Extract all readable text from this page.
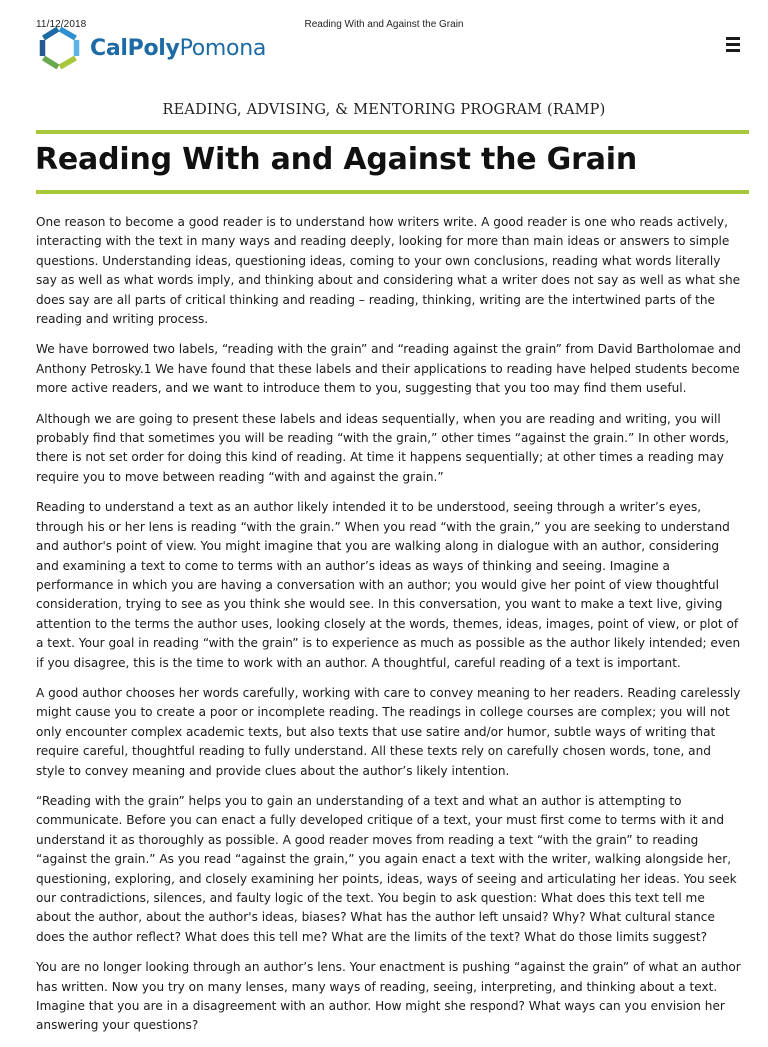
11/12/2018	Reading With and Against the Grain
CalPolyPomona
READING, ADVISING, & MENTORING PROGRAM (RAMP)
Reading With and Against the Grain

One reason to become a good reader is to understand how writers write. A good reader is one who reads actively, interacting with the text in many ways and reading deeply, looking for more than main ideas or answers to simple questions. Understanding ideas, questioning ideas, coming to your own conclusions, reading what words literally say as well as what words imply, and thinking about and considering what a writer does not say as well as what she does say are all parts of critical thinking and reading – reading, thinking, writing are the intertwined parts of the reading and writing process.

We have borrowed two labels, “reading with the grain” and “reading against the grain” from David Bartholomae and Anthony Petrosky.1 We have found that these labels and their applications to reading have helped students become more active readers, and we want to introduce them to you, suggesting that you too may find them useful.

Although we are going to present these labels and ideas sequentially, when you are reading and writing, you will probably find that sometimes you will be reading “with the grain,” other times “against the grain.” In other words, there is not set order for doing this kind of reading. At time it happens sequentially; at other times a reading may require you to move between reading “with and against the grain.”

Reading to understand a text as an author likely intended it to be understood, seeing through a writer’s eyes, through his or her lens is reading “with the grain.” When you read “with the grain,” you are seeking to understand and author's point of view. You might imagine that you are walking along in dialogue with an author, considering and examining a text to come to terms with an author’s ideas as ways of thinking and seeing. Imagine a performance in which you are having a conversation with an author; you would give her point of view thoughtful consideration, trying to see as you think she would see. In this conversation, you want to make a text live, giving attention to the terms the author uses, looking closely at the words, themes, ideas, images, point of view, or plot of a text. Your goal in reading “with the grain” is to experience as much as possible as the author likely intended; even if you disagree, this is the time to work with an author. A thoughtful, careful reading of a text is important.

A good author chooses her words carefully, working with care to convey meaning to her readers. Reading carelessly might cause you to create a poor or incomplete reading. The readings in college courses are complex; you will not only encounter complex academic texts, but also texts that use satire and/or humor, subtle ways of writing that require careful, thoughtful reading to fully understand. All these texts rely on carefully chosen words, tone, and style to convey meaning and provide clues about the author’s likely intention.

“Reading with the grain” helps you to gain an understanding of a text and what an author is attempting to communicate. Before you can enact a fully developed critique of a text, your must first come to terms with it and understand it as thoroughly as possible. A good reader moves from reading a text “with the grain” to reading “against the grain.” As you read “against the grain,” you again enact a text with the writer, walking alongside her, questioning, exploring, and closely examining her points, ideas, ways of seeing and articulating her ideas. You seek our contradictions, silences, and faulty logic of the text. You begin to ask question: What does this text tell me about the author, about the author's ideas, biases? What has the author left unsaid? Why? What cultural stance does the author reflect? What does this tell me? What are the limits of the text? What do those limits suggest?

You are no longer looking through an author’s lens. Your enactment is pushing “against the grain” of what an author has written. Now you try on many lenses, many ways of reading, seeing, interpreting, and thinking about a text. Imagine that you are in a disagreement with an author. How might she respond? What ways can you envision her answering your questions?
